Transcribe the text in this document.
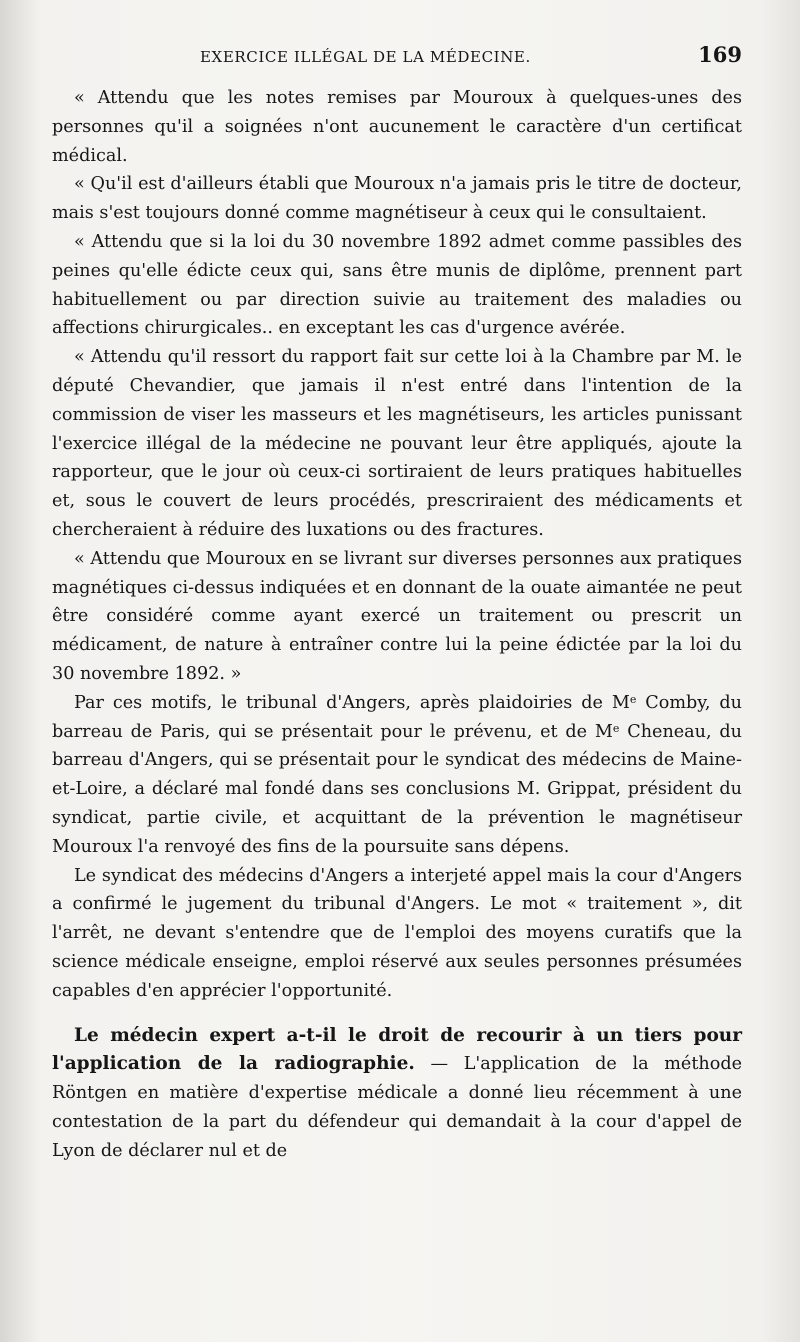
EXERCICE ILLÉGAL DE LA MÉDECINE.	169

« Attendu que les notes remises par Mouroux à quelques-unes des personnes qu'il a soignées n'ont aucunement le caractère d'un certificat médical.

« Qu'il est d'ailleurs établi que Mouroux n'a jamais pris le titre de docteur, mais s'est toujours donné comme magnétiseur à ceux qui le consultaient.

« Attendu que si la loi du 30 novembre 1892 admet comme passibles des peines qu'elle édicte ceux qui, sans être munis de diplôme, prennent part habituellement ou par direction suivie au traitement des maladies ou affections chirurgicales.. en exceptant les cas d'urgence avérée.

« Attendu qu'il ressort du rapport fait sur cette loi à la Chambre par M. le député Chevandier, que jamais il n'est entré dans l'intention de la commission de viser les masseurs et les magnétiseurs, les articles punissant l'exercice illégal de la médecine ne pouvant leur être appliqués, ajoute la rapporteur, que le jour où ceux-ci sortiraient de leurs pratiques habituelles et, sous le couvert de leurs procédés, prescriraient des médicaments et chercheraient à réduire des luxations ou des fractures.

« Attendu que Mouroux en se livrant sur diverses personnes aux pratiques magnétiques ci-dessus indiquées et en donnant de la ouate aimantée ne peut être considéré comme ayant exercé un traitement ou prescrit un médicament, de nature à entraîner contre lui la peine édictée par la loi du 30 novembre 1892. »

Par ces motifs, le tribunal d'Angers, après plaidoiries de Me Comby, du barreau de Paris, qui se présentait pour le prévenu, et de Me Cheneau, du barreau d'Angers, qui se présentait pour le syndicat des médecins de Maine-et-Loire, a déclaré mal fondé dans ses conclusions M. Grippat, président du syndicat, partie civile, et acquittant de la prévention le magnétiseur Mouroux l'a renvoyé des fins de la poursuite sans dépens.

Le syndicat des médecins d'Angers a interjeté appel mais la cour d'Angers a confirmé le jugement du tribunal d'Angers. Le mot « traitement », dit l'arrêt, ne devant s'entendre que de l'emploi des moyens curatifs que la science médicale enseigne, emploi réservé aux seules personnes présumées capables d'en apprécier l'opportunité.

Le médecin expert a-t-il le droit de recourir à un tiers pour l'application de la radiographie. — L'application de la méthode Röntgen en matière d'expertise médicale a donné lieu récemment à une contestation de la part du défendeur qui demandait à la cour d'appel de Lyon de déclarer nul et de
